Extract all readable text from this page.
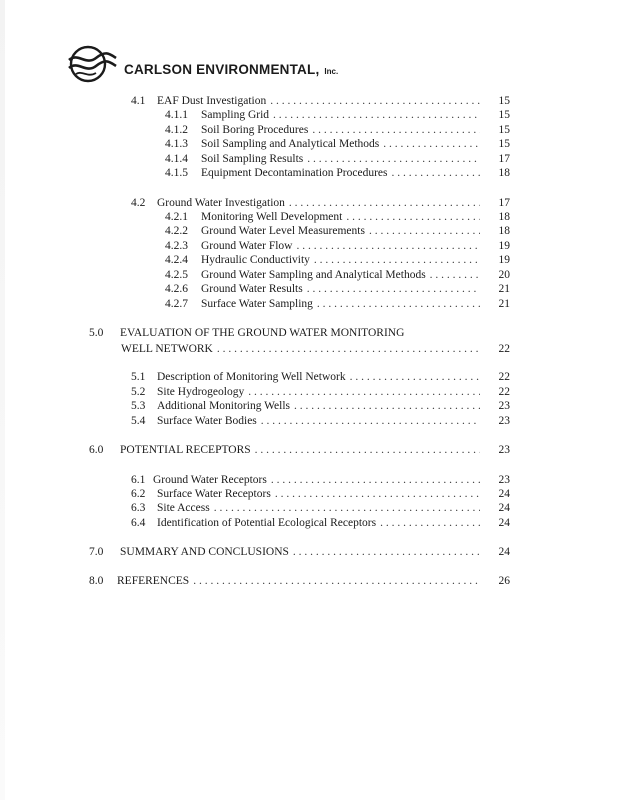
CARLSON ENVIRONMENTAL, Inc.
4.1	EAF Dust Investigation . . .	15
4.1.1	Sampling Grid . . .	15
4.1.2	Soil Boring Procedures . . .	15
4.1.3	Soil Sampling and Analytical Methods . . .	15
4.1.4	Soil Sampling Results . . .	17
4.1.5	Equipment Decontamination Procedures . . .	18
4.2	Ground Water Investigation . . .	17
4.2.1	Monitoring Well Development . . .	18
4.2.2	Ground Water Level Measurements . . .	18
4.2.3	Ground Water Flow . . .	19
4.2.4	Hydraulic Conductivity . . .	19
4.2.5	Ground Water Sampling and Analytical Methods . . .	20
4.2.6	Ground Water Results . . .	21
4.2.7	Surface Water Sampling . . .	21
5.0	EVALUATION OF THE GROUND WATER MONITORING
WELL NETWORK . . .	22
5.1	Description of Monitoring Well Network . . .	22
5.2	Site Hydrogeology . . .	22
5.3	Additional Monitoring Wells . . .	23
5.4	Surface Water Bodies . . .	23
6.0	POTENTIAL RECEPTORS . . .	23
6.1 Ground Water Receptors . . .	23
6.2	Surface Water Receptors . . .	24
6.3	Site Access . . .	24
6.4	Identification of Potential Ecological Receptors . . .	24
7.0	SUMMARY AND CONCLUSIONS . . .	24
8.0	REFERENCES . . .	26
